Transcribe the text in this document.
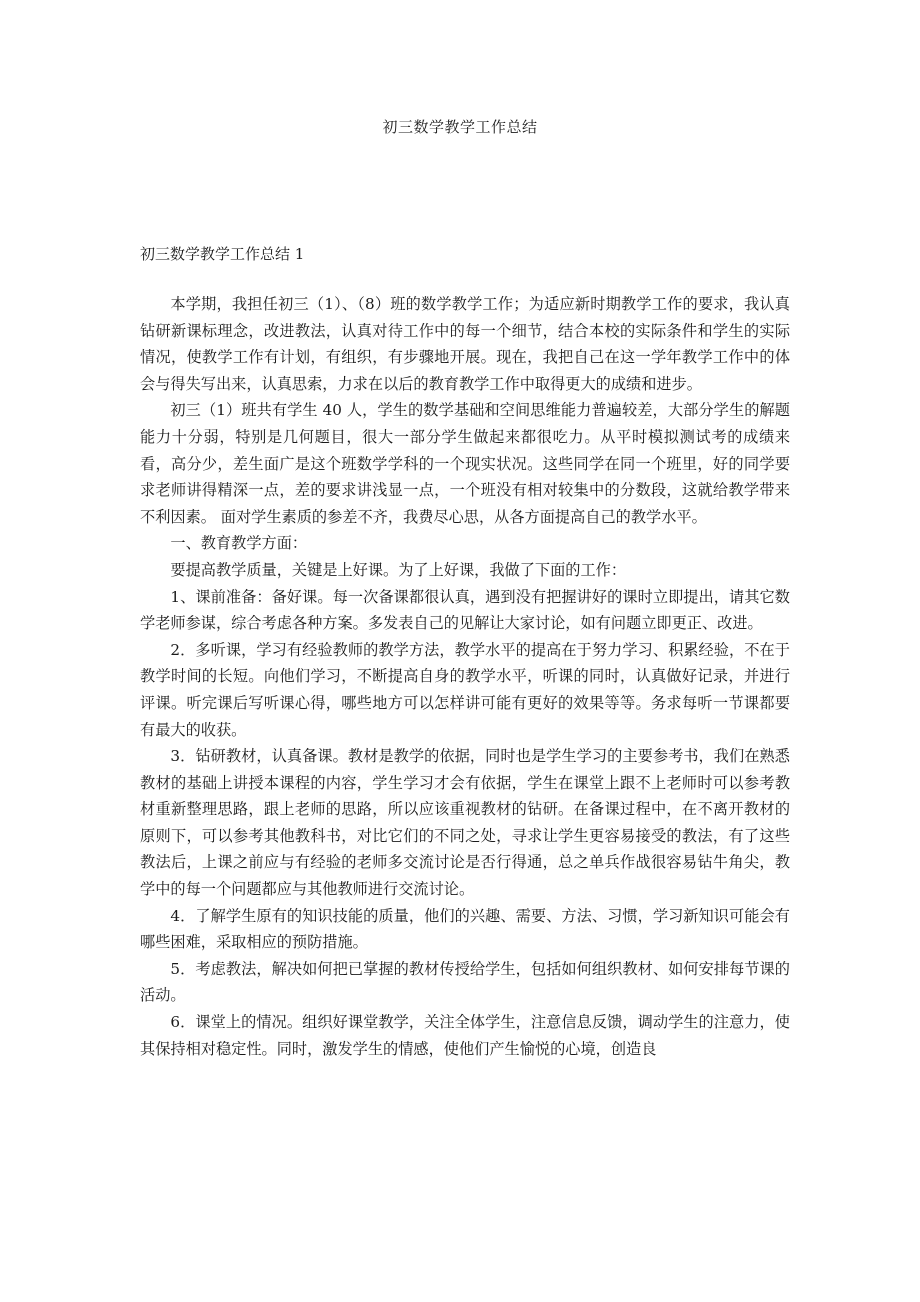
初三数学教学工作总结
初三数学教学工作总结 1

本学期，我担任初三（1）、（8）班的数学教学工作；为适应新时期教学工作的要求，我认真钻研新课标理念，改进教法，认真对待工作中的每一个细节，结合本校的实际条件和学生的实际情况，使教学工作有计划，有组织，有步骤地开展。现在，我把自己在这一学年教学工作中的体会与得失写出来，认真思索，力求在以后的教育教学工作中取得更大的成绩和进步。

初三（1）班共有学生 40 人，学生的数学基础和空间思维能力普遍较差，大部分学生的解题能力十分弱，特别是几何题目，很大一部分学生做起来都很吃力。从平时模拟测试考的成绩来看，高分少，差生面广是这个班数学学科的一个现实状况。这些同学在同一个班里，好的同学要求老师讲得精深一点，差的要求讲浅显一点，一个班没有相对较集中的分数段，这就给教学带来不利因素。 面对学生素质的参差不齐，我费尽心思，从各方面提高自己的教学水平。

一、教育教学方面：

要提高教学质量，关键是上好课。为了上好课，我做了下面的工作：

1、课前准备：备好课。每一次备课都很认真，遇到没有把握讲好的课时立即提出，请其它数学老师参谋，综合考虑各种方案。多发表自己的见解让大家讨论，如有问题立即更正、改进。

2．多听课，学习有经验教师的教学方法，教学水平的提高在于努力学习、积累经验，不在于教学时间的长短。向他们学习，不断提高自身的教学水平，听课的同时，认真做好记录，并进行评课。听完课后写听课心得，哪些地方可以怎样讲可能有更好的效果等等。务求每听一节课都要有最大的收获。

3．钻研教材，认真备课。教材是教学的依据，同时也是学生学习的主要参考书，我们在熟悉教材的基础上讲授本课程的内容，学生学习才会有依据，学生在课堂上跟不上老师时可以参考教材重新整理思路，跟上老师的思路，所以应该重视教材的钻研。在备课过程中，在不离开教材的原则下，可以参考其他教科书，对比它们的不同之处，寻求让学生更容易接受的教法，有了这些教法后，上课之前应与有经验的老师多交流讨论是否行得通，总之单兵作战很容易钻牛角尖，教学中的每一个问题都应与其他教师进行交流讨论。

4．了解学生原有的知识技能的质量，他们的兴趣、需要、方法、习惯，学习新知识可能会有哪些困难，采取相应的预防措施。

5．考虑教法，解决如何把已掌握的教材传授给学生，包括如何组织教材、如何安排每节课的活动。

6．课堂上的情况。组织好课堂教学，关注全体学生，注意信息反馈，调动学生的注意力，使其保持相对稳定性。同时，激发学生的情感，使他们产生愉悦的心境，创造良
